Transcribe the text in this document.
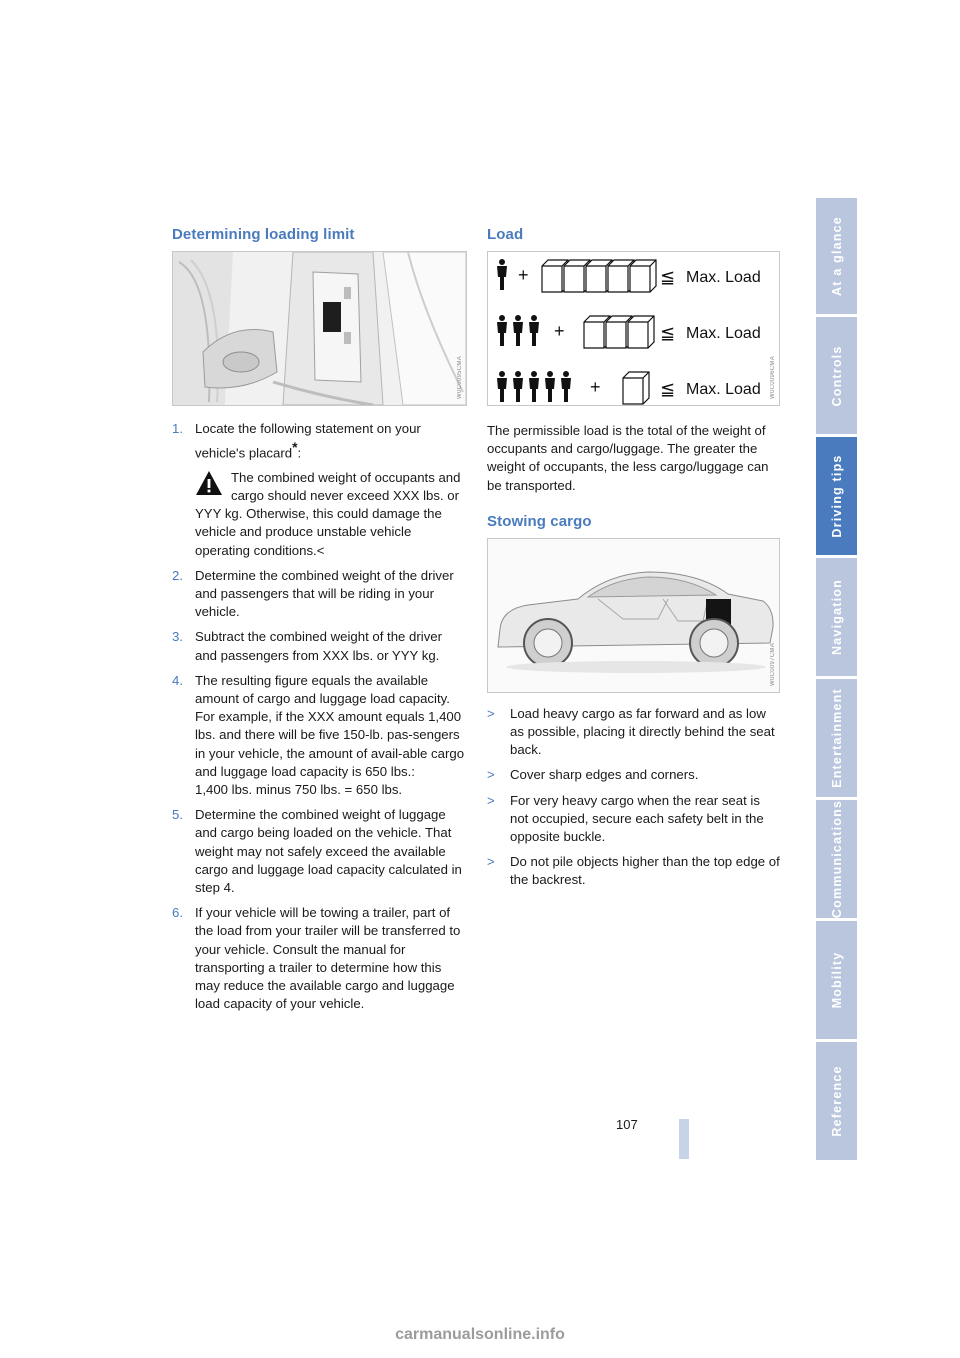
Determining loading limit
W0C0095CMA
1. Locate the following statement on your vehicle's placard*:
The combined weight of occupants and cargo should never exceed XXX lbs. or YYY kg. Otherwise, this could damage the vehicle and produce unstable vehicle operating conditions.<
2. Determine the combined weight of the driver and passengers that will be riding in your vehicle.
3. Subtract the combined weight of the driver and passengers from XXX lbs. or YYY kg.
4. The resulting figure equals the available amount of cargo and luggage load capacity. For example, if the XXX amount equals 1,400 lbs. and there will be five 150-lb. pas-sengers in your vehicle, the amount of avail-able cargo and luggage load capacity is 650 lbs.:
1,400 lbs. minus 750 lbs. = 650 lbs.
5. Determine the combined weight of luggage and cargo being loaded on the vehicle. That weight may not safely exceed the available cargo and luggage load capacity calculated in step 4.
6. If your vehicle will be towing a trailer, part of the load from your trailer will be transferred to your vehicle. Consult the manual for transporting a trailer to determine how this may reduce the available cargo and luggage load capacity of your vehicle.
Load
+	≦ Max. Load
+	≦ Max. Load
+	≦ Max. Load W0C0096CMA

The permissible load is the total of the weight of occupants and cargo/luggage. The greater the weight of occupants, the less cargo/luggage can be transported.

Stowing cargo
W0C0097CMA
> Load heavy cargo as far forward and as low as possible, placing it directly behind the seat back.
> Cover sharp edges and corners.
> For very heavy cargo when the rear seat is not occupied, secure each safety belt in the opposite buckle.
> Do not pile objects higher than the top edge of the backrest.
At a glance
Controls
Driving tips
Navigation
Entertainment
Communications
Mobility
Reference
107
carmanualsonline.info
